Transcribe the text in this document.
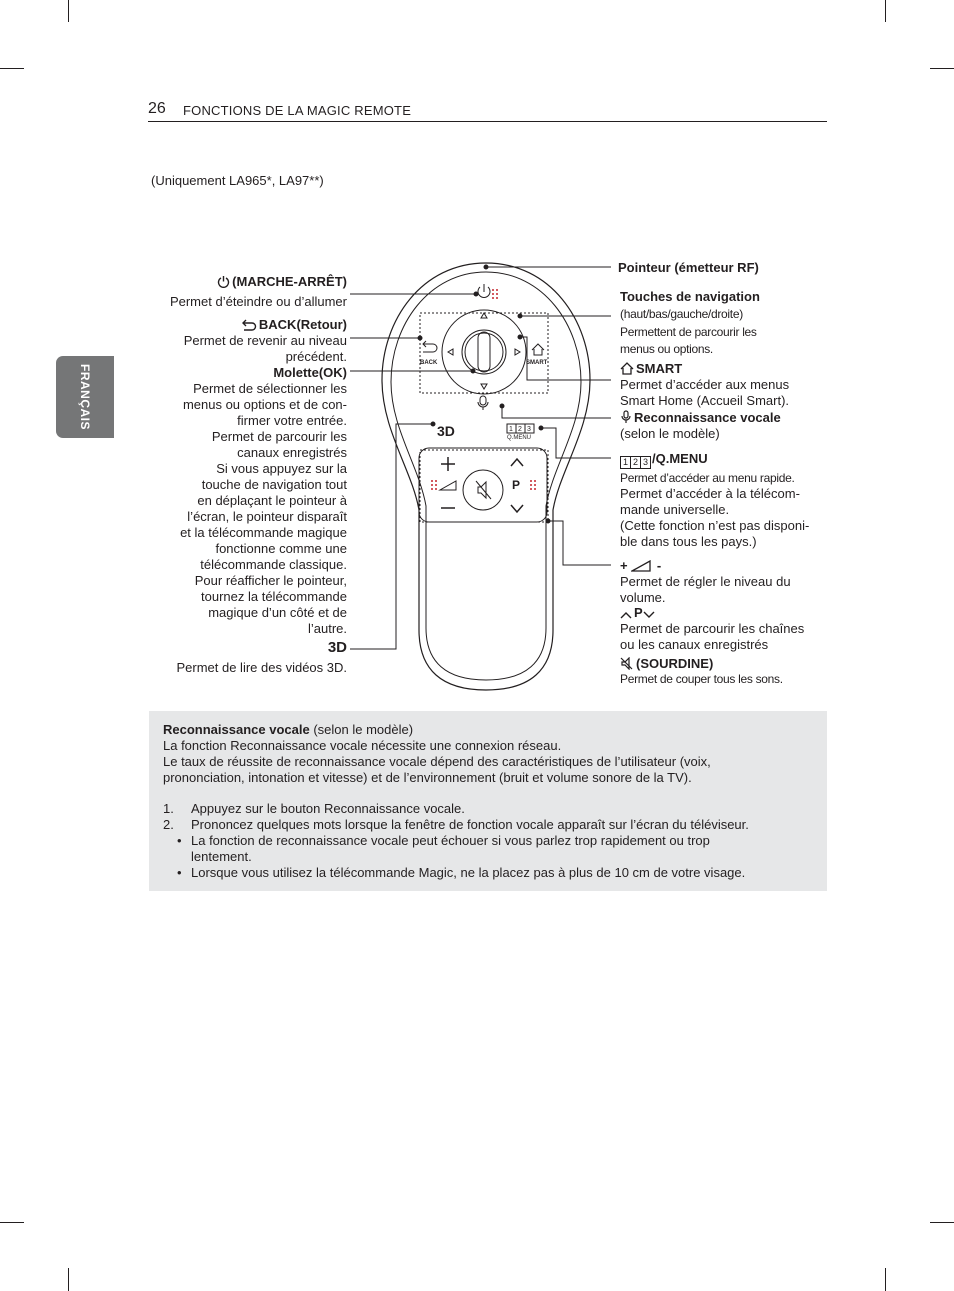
26 FONCTIONS DE LA MAGIC REMOTE
FRANÇAIS
(Uniquement LA965*, LA97**)
BACK	SMART
Q.MENU
1 2 3
P
3D
(MARCHE-ARRÊT)
Permet d’éteindre ou d’allumer
BACK(Retour)
Permet de revenir au niveau
précédent.
Molette(OK)
Permet de sélectionner les
menus ou options et de con-
firmer votre entrée.
Permet de parcourir les
canaux enregistrés
Si vous appuyez sur la
touche de navigation tout
en déplaçant le pointeur à
l’écran, le pointeur disparaît
et la télécommande magique
fonctionne comme une
télécommande classique.
Pour réafficher le pointeur,
tournez la télécommande
magique d’un côté et de
l’autre.
3D
Permet de lire des vidéos 3D.
Pointeur (émetteur RF)
Touches de navigation
(haut/bas/gauche/droite)
Permettent de parcourir les
menus ou options.
SMART
Permet d’accéder aux menus
Smart Home (Accueil Smart).
Reconnaissance vocale
(selon le modèle)
1 2 3 /Q.MENU
Permet d’accéder au menu rapide.
Permet d’accéder à la télécom-
mande universelle.
(Cette fonction n’est pas disponi-
ble dans tous les pays.)
+ -
Permet de régler le niveau du
volume.
P
Permet de parcourir les chaînes
ou les canaux enregistrés
(SOURDINE)
Permet de couper tous les sons.

Reconnaissance vocale (selon le modèle)

La fonction Reconnaissance vocale nécessite une connexion réseau.

Le taux de réussite de reconnaissance vocale dépend des caractéristiques de l’utilisateur (voix,

prononciation, intonation et vitesse) et de l’environnement (bruit et volume sonore de la TV).

1. Appuyez sur le bouton Reconnaissance vocale.
2. Prononcez quelques mots lorsque la fenêtre de fonction vocale apparaît sur l’écran du téléviseur.
• La fonction de reconnaissance vocale peut échouer si vous parlez trop rapidement ou trop
lentement.
• Lorsque vous utilisez la télécommande Magic, ne la placez pas à plus de 10 cm de votre visage.
